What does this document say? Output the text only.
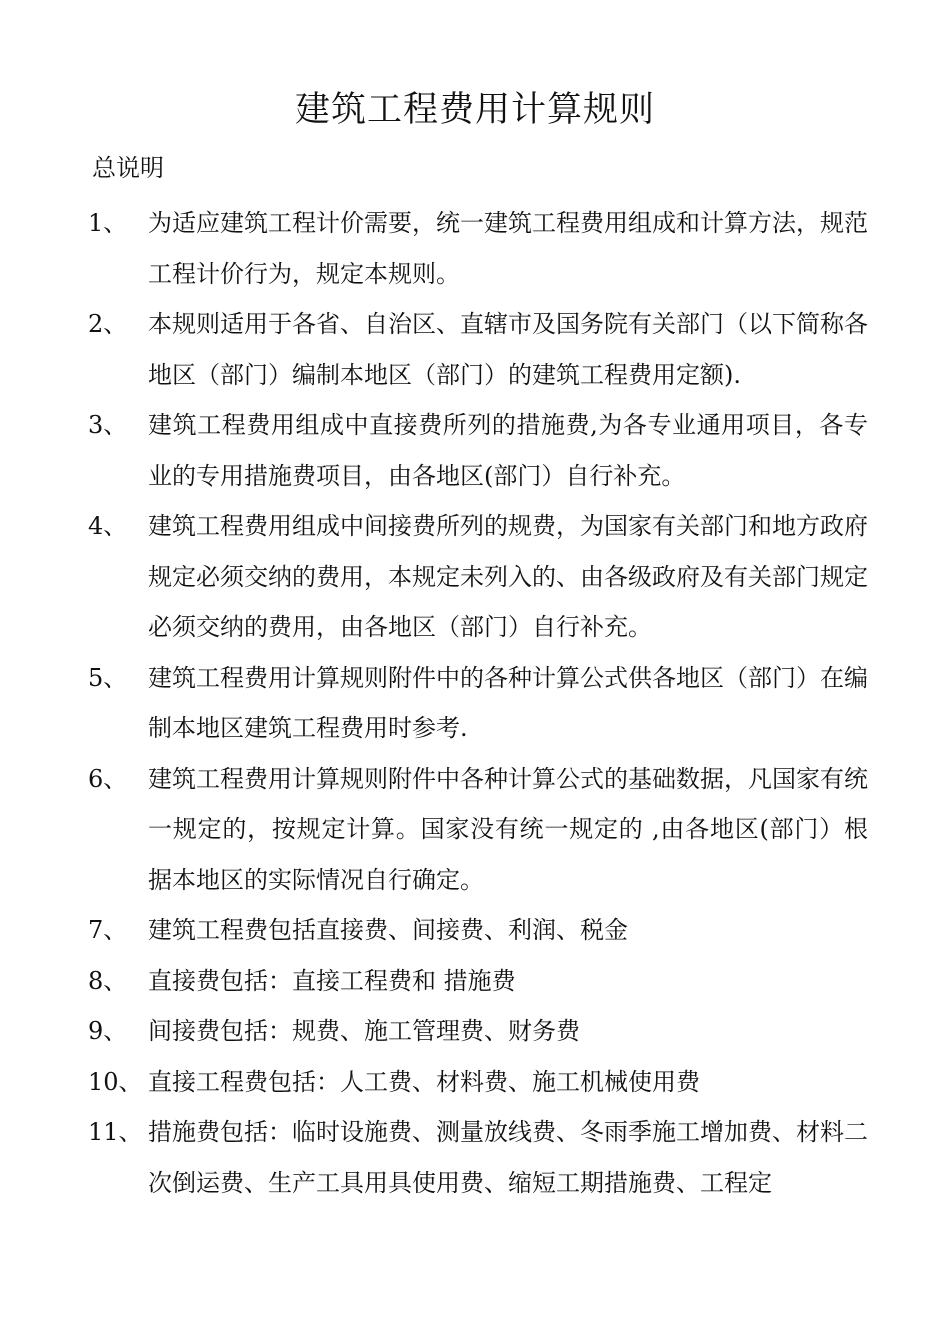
建筑工程费用计算规则
总说明
1、 为适应建筑工程计价需要，统一建筑工程费用组成和计算方法，规范工程计价行为，规定本规则。
2、 本规则适用于各省、自治区、直辖市及国务院有关部门（以下简称各地区（部门）编制本地区（部门）的建筑工程费用定额).
3、 建筑工程费用组成中直接费所列的措施费,为各专业通用项目，各专业的专用措施费项目，由各地区(部门）自行补充。
4、 建筑工程费用组成中间接费所列的规费，为国家有关部门和地方政府规定必须交纳的费用，本规定未列入的、由各级政府及有关部门规定必须交纳的费用，由各地区（部门）自行补充。
5、 建筑工程费用计算规则附件中的各种计算公式供各地区（部门）在编制本地区建筑工程费用时参考.
6、 建筑工程费用计算规则附件中各种计算公式的基础数据，凡国家有统一规定的，按规定计算。国家没有统一规定的 ,由各地区(部门）根据本地区的实际情况自行确定。
7、 建筑工程费包括直接费、间接费、利润、税金
8、 直接费包括：直接工程费和 措施费
9、 间接费包括：规费、施工管理费、财务费
10、 直接工程费包括：人工费、材料费、施工机械使用费
11、 措施费包括：临时设施费、测量放线费、冬雨季施工增加费、材料二次倒运费、生产工具用具使用费、缩短工期措施费、工程定
